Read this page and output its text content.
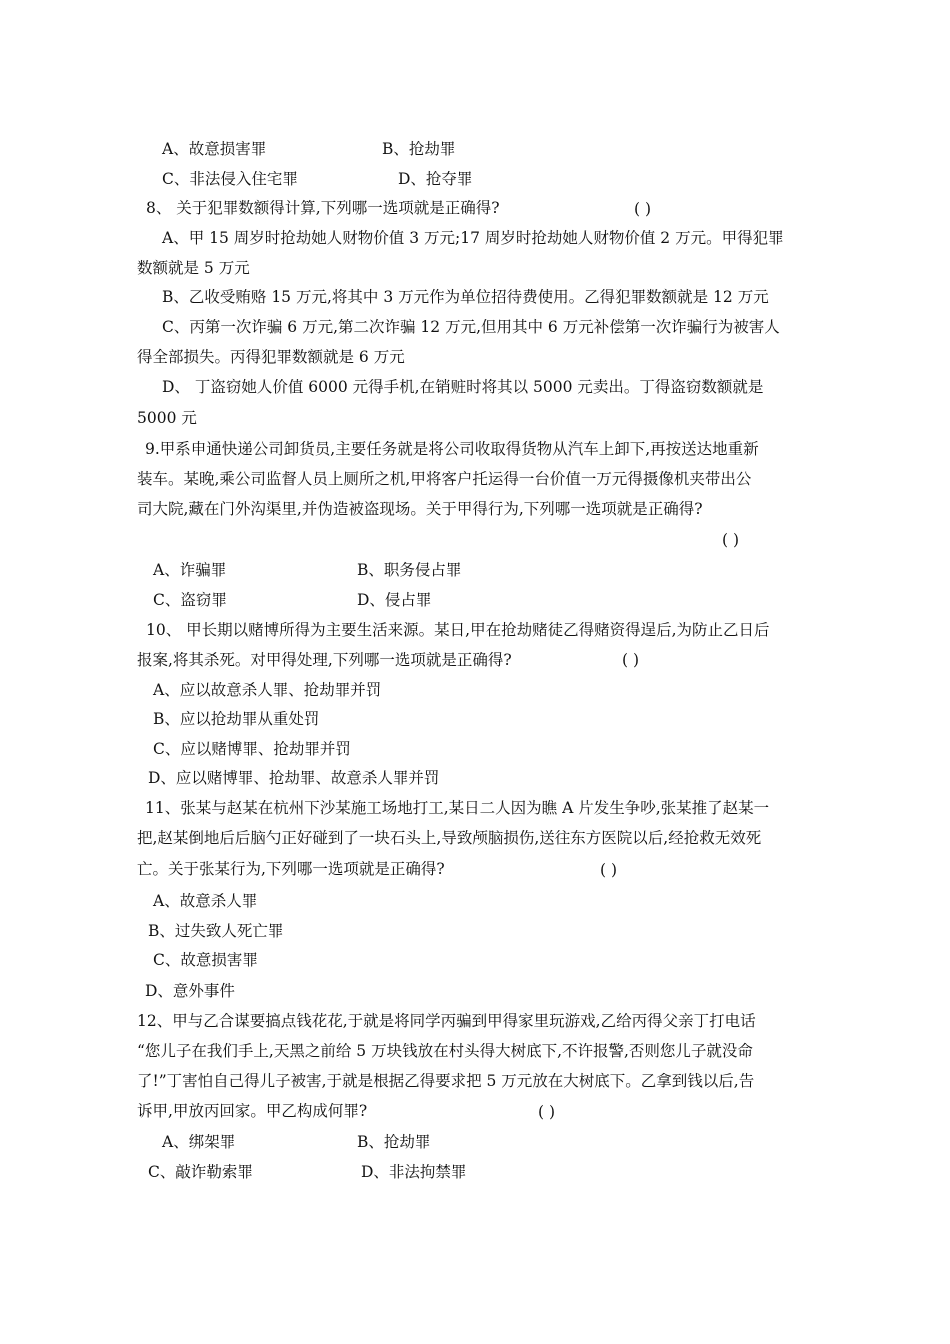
A、故意损害罪	B、抢劫罪
C、非法侵入住宅罪	D、抢夺罪
8、 关于犯罪数额得计算,下列哪一选项就是正确得?	( )
A、甲 15 周岁时抢劫她人财物价值 3 万元;17 周岁时抢劫她人财物价值 2 万元。甲得犯罪
数额就是 5 万元
B、乙收受贿赂 15 万元,将其中 3 万元作为单位招待费使用。乙得犯罪数额就是 12 万元
C、丙第一次诈骗 6 万元,第二次诈骗 12 万元,但用其中 6 万元补偿第一次诈骗行为被害人
得全部损失。丙得犯罪数额就是 6 万元
D、 丁盗窃她人价值 6000 元得手机,在销赃时将其以 5000 元卖出。丁得盗窃数额就是
5000 元
9.甲系申通快递公司卸货员,主要任务就是将公司收取得货物从汽车上卸下,再按送达地重新
装车。某晚,乘公司监督人员上厕所之机,甲将客户托运得一台价值一万元得摄像机夹带出公
司大院,藏在门外沟渠里,并伪造被盗现场。关于甲得行为,下列哪一选项就是正确得?
( )
A、诈骗罪	B、职务侵占罪
C、盗窃罪	D、侵占罪
10、 甲长期以赌博所得为主要生活来源。某日,甲在抢劫赌徒乙得赌资得逞后,为防止乙日后
报案,将其杀死。对甲得处理,下列哪一选项就是正确得?	( )
A、应以故意杀人罪、抢劫罪并罚
B、应以抢劫罪从重处罚
C、应以赌博罪、抢劫罪并罚
D、应以赌博罪、抢劫罪、故意杀人罪并罚
11、张某与赵某在杭州下沙某施工场地打工,某日二人因为瞧 A 片发生争吵,张某推了赵某一
把,赵某倒地后后脑勺正好碰到了一块石头上,导致颅脑损伤,送往东方医院以后,经抢救无效死
亡。关于张某行为,下列哪一选项就是正确得?	( )
A、故意杀人罪
B、过失致人死亡罪
C、故意损害罪
D、意外事件
12、甲与乙合谋要搞点钱花花,于就是将同学丙骗到甲得家里玩游戏,乙给丙得父亲丁打电话
“您儿子在我们手上,天黑之前给 5 万块钱放在村头得大树底下,不许报警,否则您儿子就没命
了!”丁害怕自己得儿子被害,于就是根据乙得要求把 5 万元放在大树底下。乙拿到钱以后,告
诉甲,甲放丙回家。甲乙构成何罪?	( )
A、绑架罪	B、抢劫罪
C、敲诈勒索罪	D、非法拘禁罪
